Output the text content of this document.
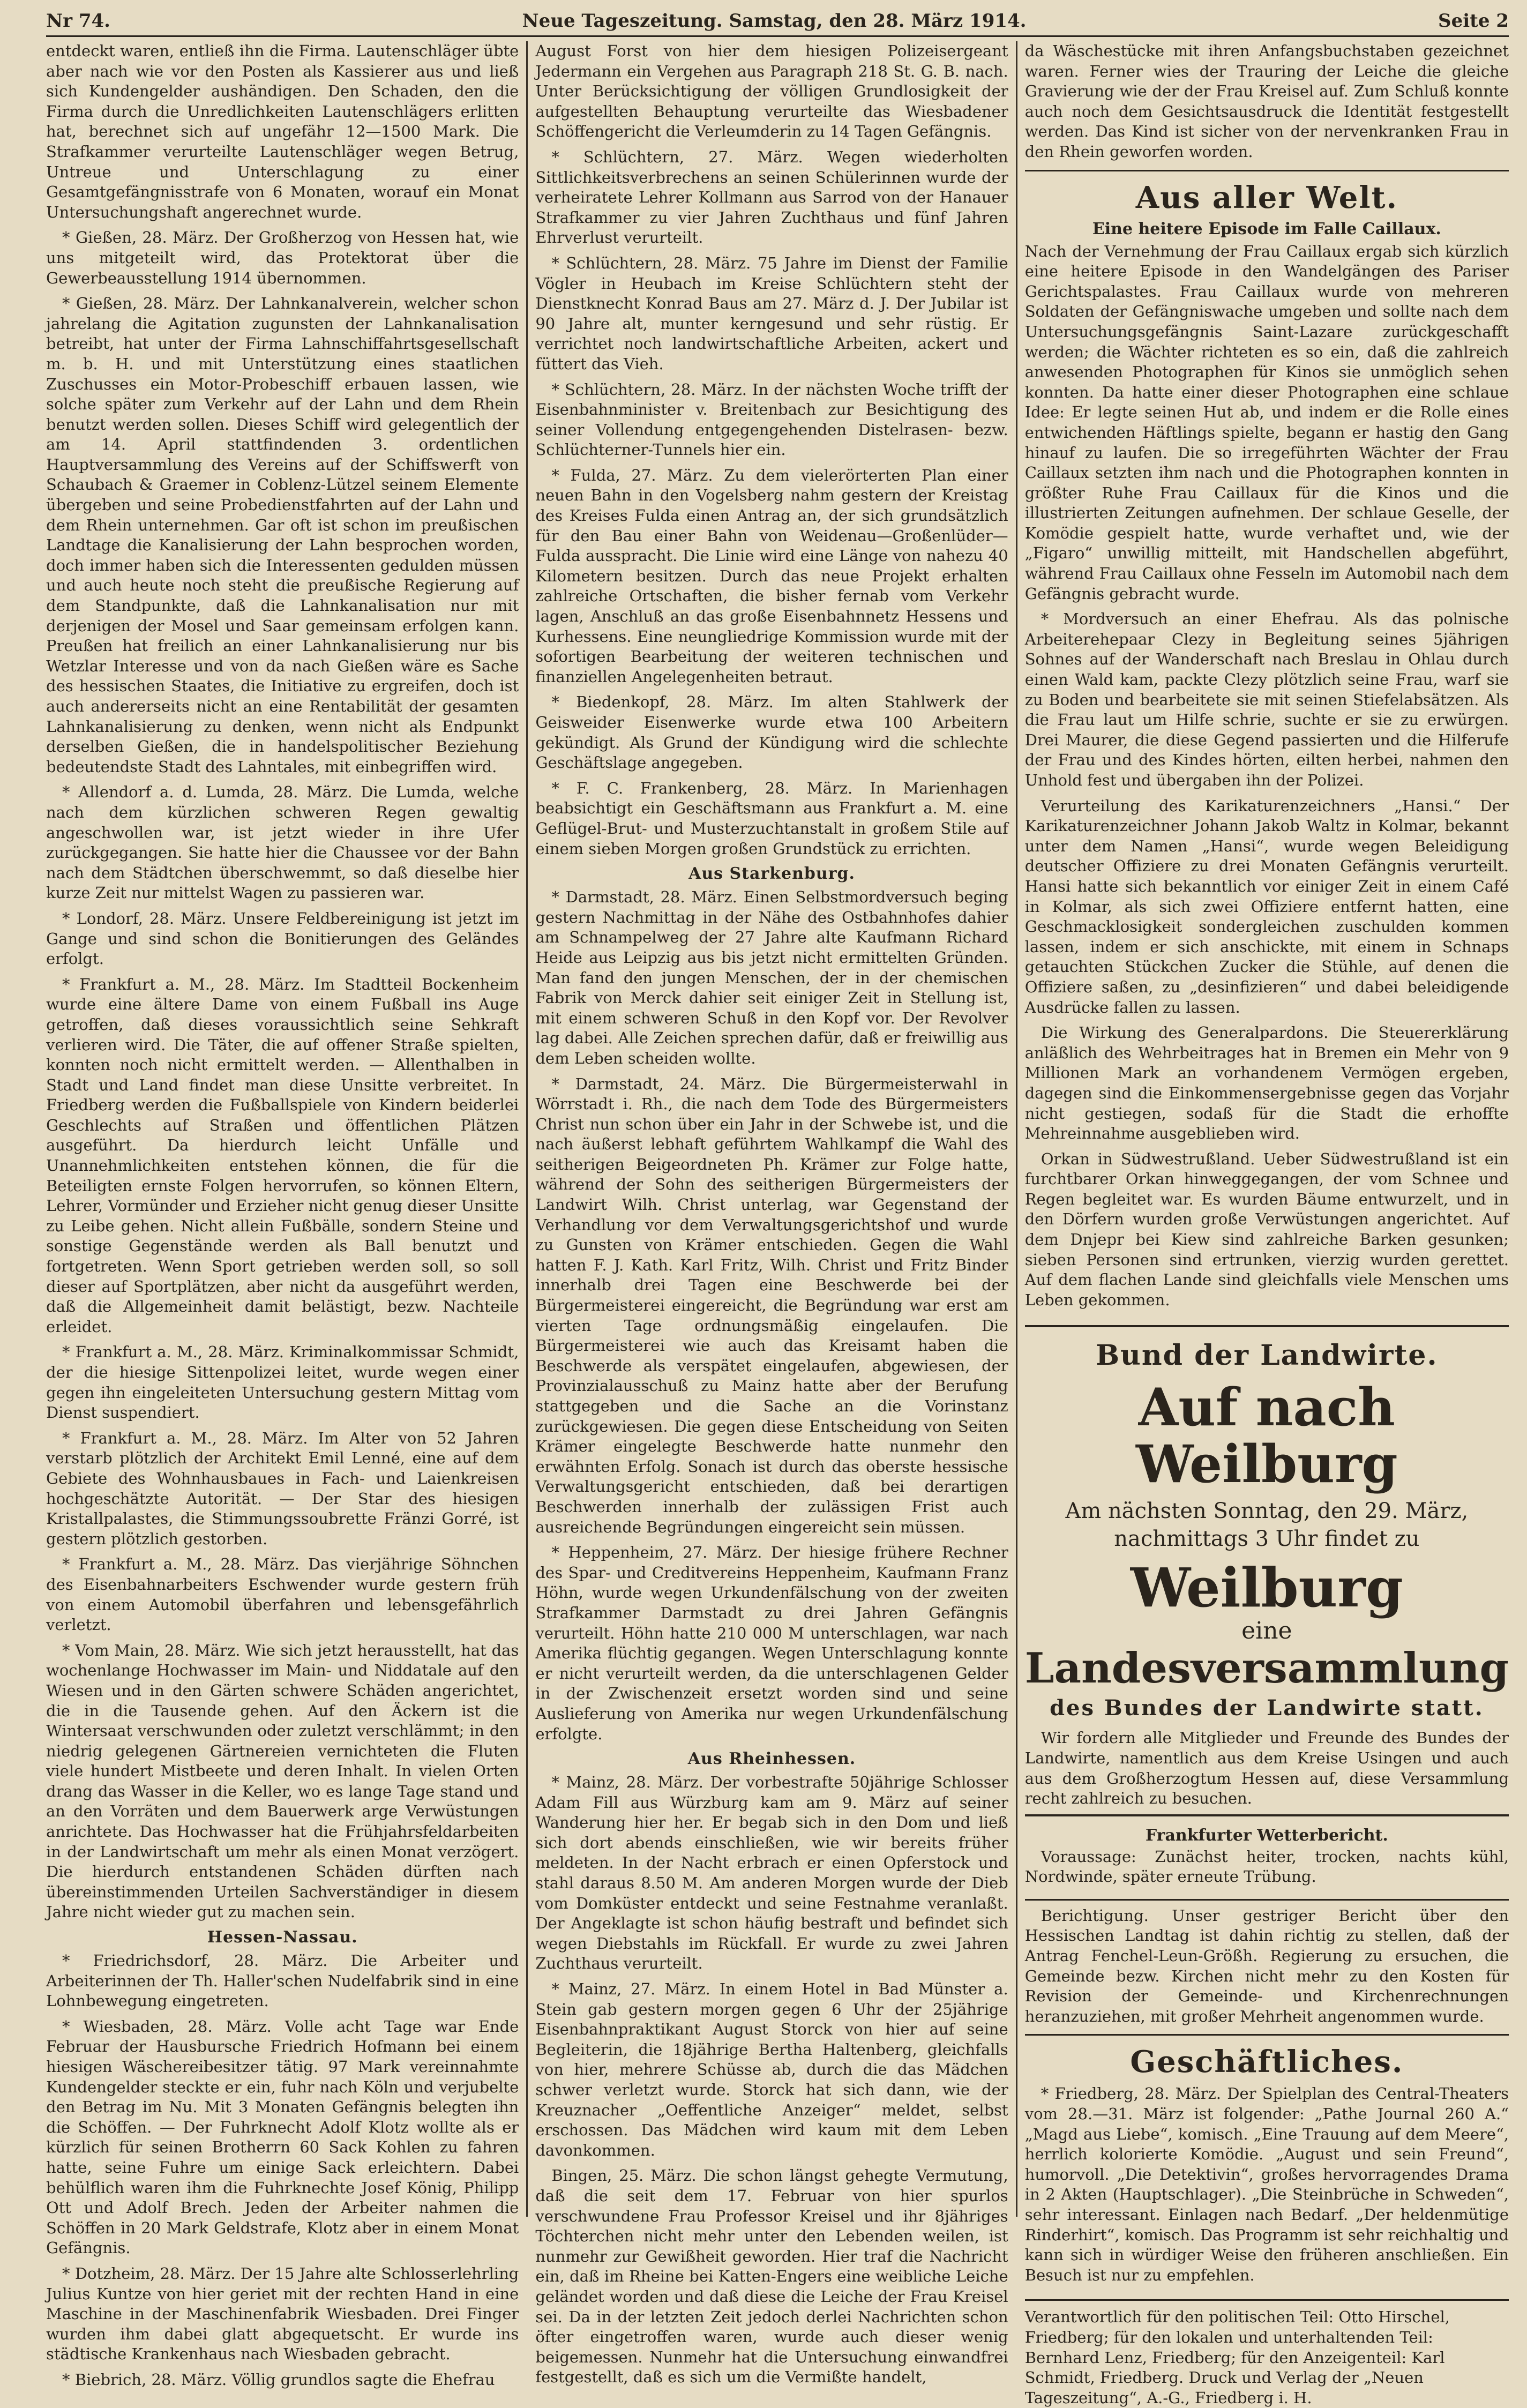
Nr 74.	Neue Tageszeitung. Samstag, den 28. März 1914.	Seite 2

entdeckt waren, entließ ihn die Firma. Lautenschläger übte aber nach wie vor den Posten als Kassierer aus und ließ sich Kundengelder aushändigen. Den Schaden, den die Firma durch die Unredlichkeiten Lautenschlägers erlitten hat, berechnet sich auf ungefähr 12—1500 Mark. Die Strafkammer verurteilte Lautenschläger wegen Betrug, Untreue und Unterschlagung zu einer Gesamtgefängnisstrafe von 6 Monaten, worauf ein Monat Untersuchungshaft angerechnet wurde.

* Gießen, 28. März. Der Großherzog von Hessen hat, wie uns mitgeteilt wird, das Protektorat über die Gewerbeausstellung 1914 übernommen.

* Gießen, 28. März. Der Lahnkanalverein, welcher schon jahrelang die Agitation zugunsten der Lahnkanalisation betreibt, hat unter der Firma Lahnschiffahrtsgesellschaft m. b. H. und mit Unterstützung eines staatlichen Zuschusses ein Motor-Probeschiff erbauen lassen, wie solche später zum Verkehr auf der Lahn und dem Rhein benutzt werden sollen. Dieses Schiff wird gelegentlich der am 14. April stattfindenden 3. ordentlichen Hauptversammlung des Vereins auf der Schiffswerft von Schaubach & Graemer in Coblenz-Lützel seinem Elemente übergeben und seine Probedienstfahrten auf der Lahn und dem Rhein unternehmen. Gar oft ist schon im preußischen Landtage die Kanalisierung der Lahn besprochen worden, doch immer haben sich die Interessenten gedulden müssen und auch heute noch steht die preußische Regierung auf dem Standpunkte, daß die Lahnkanalisation nur mit derjenigen der Mosel und Saar gemeinsam erfolgen kann. Preußen hat freilich an einer Lahnkanalisierung nur bis Wetzlar Interesse und von da nach Gießen wäre es Sache des hessischen Staates, die Initiative zu ergreifen, doch ist auch andererseits nicht an eine Rentabilität der gesamten Lahnkanalisierung zu denken, wenn nicht als Endpunkt derselben Gießen, die in handelspolitischer Beziehung bedeutendste Stadt des Lahntales, mit einbegriffen wird.

* Allendorf a. d. Lumda, 28. März. Die Lumda, welche nach dem kürzlichen schweren Regen gewaltig angeschwollen war, ist jetzt wieder in ihre Ufer zurückgegangen. Sie hatte hier die Chaussee vor der Bahn nach dem Städtchen überschwemmt, so daß dieselbe hier kurze Zeit nur mittelst Wagen zu passieren war.

* Londorf, 28. März. Unsere Feldbereinigung ist jetzt im Gange und sind schon die Bonitierungen des Geländes erfolgt.

* Frankfurt a. M., 28. März. Im Stadtteil Bockenheim wurde eine ältere Dame von einem Fußball ins Auge getroffen, daß dieses voraussichtlich seine Sehkraft verlieren wird. Die Täter, die auf offener Straße spielten, konnten noch nicht ermittelt werden. — Allenthalben in Stadt und Land findet man diese Unsitte verbreitet. In Friedberg werden die Fußballspiele von Kindern beiderlei Geschlechts auf Straßen und öffentlichen Plätzen ausgeführt. Da hierdurch leicht Unfälle und Unannehmlichkeiten entstehen können, die für die Beteiligten ernste Folgen hervorrufen, so können Eltern, Lehrer, Vormünder und Erzieher nicht genug dieser Unsitte zu Leibe gehen. Nicht allein Fußbälle, sondern Steine und sonstige Gegenstände werden als Ball benutzt und fortgetreten. Wenn Sport getrieben werden soll, so soll dieser auf Sportplätzen, aber nicht da ausgeführt werden, daß die Allgemeinheit damit belästigt, bezw. Nachteile erleidet.

* Frankfurt a. M., 28. März. Kriminalkommissar Schmidt, der die hiesige Sittenpolizei leitet, wurde wegen einer gegen ihn eingeleiteten Untersuchung gestern Mittag vom Dienst suspendiert.

* Frankfurt a. M., 28. März. Im Alter von 52 Jahren verstarb plötzlich der Architekt Emil Lenné, eine auf dem Gebiete des Wohnhausbaues in Fach- und Laienkreisen hochgeschätzte Autorität. — Der Star des hiesigen Kristallpalastes, die Stimmungssoubrette Fränzi Gorré, ist gestern plötzlich gestorben.

* Frankfurt a. M., 28. März. Das vierjährige Söhnchen des Eisenbahnarbeiters Eschwender wurde gestern früh von einem Automobil überfahren und lebensgefährlich verletzt.

* Vom Main, 28. März. Wie sich jetzt herausstellt, hat das wochenlange Hochwasser im Main- und Niddatale auf den Wiesen und in den Gärten schwere Schäden angerichtet, die in die Tausende gehen. Auf den Äckern ist die Wintersaat verschwunden oder zuletzt verschlämmt; in den niedrig gelegenen Gärtnereien vernichteten die Fluten viele hundert Mistbeete und deren Inhalt. In vielen Orten drang das Wasser in die Keller, wo es lange Tage stand und an den Vorräten und dem Bauerwerk arge Verwüstungen anrichtete. Das Hochwasser hat die Frühjahrsfeldarbeiten in der Landwirtschaft um mehr als einen Monat verzögert. Die hierdurch entstandenen Schäden dürften nach übereinstimmenden Urteilen Sachverständiger in diesem Jahre nicht wieder gut zu machen sein.

Hessen-Nassau.

* Friedrichsdorf, 28. März. Die Arbeiter und Arbeiterinnen der Th. Haller'schen Nudelfabrik sind in eine Lohnbewegung eingetreten.

* Wiesbaden, 28. März. Volle acht Tage war Ende Februar der Hausbursche Friedrich Hofmann bei einem hiesigen Wäschereibesitzer tätig. 97 Mark vereinnahmte Kundengelder steckte er ein, fuhr nach Köln und verjubelte den Betrag im Nu. Mit 3 Monaten Gefängnis belegten ihn die Schöffen. — Der Fuhrknecht Adolf Klotz wollte als er kürzlich für seinen Brotherrn 60 Sack Kohlen zu fahren hatte, seine Fuhre um einige Sack erleichtern. Dabei behülflich waren ihm die Fuhrknechte Josef König, Philipp Ott und Adolf Brech. Jeden der Arbeiter nahmen die Schöffen in 20 Mark Geldstrafe, Klotz aber in einem Monat Gefängnis.

* Dotzheim, 28. März. Der 15 Jahre alte Schlosserlehrling Julius Kuntze von hier geriet mit der rechten Hand in eine Maschine in der Maschinenfabrik Wiesbaden. Drei Finger wurden ihm dabei glatt abgequetscht. Er wurde ins städtische Krankenhaus nach Wiesbaden gebracht.

* Biebrich, 28. März. Völlig grundlos sagte die Ehefrau

August Forst von hier dem hiesigen Polizeisergeant Jedermann ein Vergehen aus Paragraph 218 St. G. B. nach. Unter Berücksichtigung der völligen Grundlosigkeit der aufgestellten Behauptung verurteilte das Wiesbadener Schöffengericht die Verleumderin zu 14 Tagen Gefängnis.

* Schlüchtern, 27. März. Wegen wiederholten Sittlichkeitsverbrechens an seinen Schülerinnen wurde der verheiratete Lehrer Kollmann aus Sarrod von der Hanauer Strafkammer zu vier Jahren Zuchthaus und fünf Jahren Ehrverlust verurteilt.

* Schlüchtern, 28. März. 75 Jahre im Dienst der Familie Vögler in Heubach im Kreise Schlüchtern steht der Dienstknecht Konrad Baus am 27. März d. J. Der Jubilar ist 90 Jahre alt, munter kerngesund und sehr rüstig. Er verrichtet noch landwirtschaftliche Arbeiten, ackert und füttert das Vieh.

* Schlüchtern, 28. März. In der nächsten Woche trifft der Eisenbahnminister v. Breitenbach zur Besichtigung des seiner Vollendung entgegengehenden Distelrasen- bezw. Schlüchterner-Tunnels hier ein.

* Fulda, 27. März. Zu dem vielerörterten Plan einer neuen Bahn in den Vogelsberg nahm gestern der Kreistag des Kreises Fulda einen Antrag an, der sich grundsätzlich für den Bau einer Bahn von Weidenau—Großenlüder—Fulda ausspracht. Die Linie wird eine Länge von nahezu 40 Kilometern besitzen. Durch das neue Projekt erhalten zahlreiche Ortschaften, die bisher fernab vom Verkehr lagen, Anschluß an das große Eisenbahnnetz Hessens und Kurhessens. Eine neungliedrige Kommission wurde mit der sofortigen Bearbeitung der weiteren technischen und finanziellen Angelegenheiten betraut.

* Biedenkopf, 28. März. Im alten Stahlwerk der Geisweider Eisenwerke wurde etwa 100 Arbeitern gekündigt. Als Grund der Kündigung wird die schlechte Geschäftslage angegeben.

* F. C. Frankenberg, 28. März. In Marienhagen beabsichtigt ein Geschäftsmann aus Frankfurt a. M. eine Geflügel-Brut- und Musterzuchtanstalt in großem Stile auf einem sieben Morgen großen Grundstück zu errichten.

Aus Starkenburg.

* Darmstadt, 28. März. Einen Selbstmordversuch beging gestern Nachmittag in der Nähe des Ostbahnhofes dahier am Schnampelweg der 27 Jahre alte Kaufmann Richard Heide aus Leipzig aus bis jetzt nicht ermittelten Gründen. Man fand den jungen Menschen, der in der chemischen Fabrik von Merck dahier seit einiger Zeit in Stellung ist, mit einem schweren Schuß in den Kopf vor. Der Revolver lag dabei. Alle Zeichen sprechen dafür, daß er freiwillig aus dem Leben scheiden wollte.

* Darmstadt, 24. März. Die Bürgermeisterwahl in Wörrstadt i. Rh., die nach dem Tode des Bürgermeisters Christ nun schon über ein Jahr in der Schwebe ist, und die nach äußerst lebhaft geführtem Wahlkampf die Wahl des seitherigen Beigeordneten Ph. Krämer zur Folge hatte, während der Sohn des seitherigen Bürgermeisters der Landwirt Wilh. Christ unterlag, war Gegenstand der Verhandlung vor dem Verwaltungsgerichtshof und wurde zu Gunsten von Krämer entschieden. Gegen die Wahl hatten F. J. Kath. Karl Fritz, Wilh. Christ und Fritz Binder innerhalb drei Tagen eine Beschwerde bei der Bürgermeisterei eingereicht, die Begründung war erst am vierten Tage ordnungsmäßig eingelaufen. Die Bürgermeisterei wie auch das Kreisamt haben die Beschwerde als verspätet eingelaufen, abgewiesen, der Provinzialausschuß zu Mainz hatte aber der Berufung stattgegeben und die Sache an die Vorinstanz zurückgewiesen. Die gegen diese Entscheidung von Seiten Krämer eingelegte Beschwerde hatte nunmehr den erwähnten Erfolg. Sonach ist durch das oberste hessische Verwaltungsgericht entschieden, daß bei derartigen Beschwerden innerhalb der zulässigen Frist auch ausreichende Begründungen eingereicht sein müssen.

* Heppenheim, 27. März. Der hiesige frühere Rechner des Spar- und Creditvereins Heppenheim, Kaufmann Franz Höhn, wurde wegen Urkundenfälschung von der zweiten Strafkammer Darmstadt zu drei Jahren Gefängnis verurteilt. Höhn hatte 210 000 M unterschlagen, war nach Amerika flüchtig gegangen. Wegen Unterschlagung konnte er nicht verurteilt werden, da die unterschlagenen Gelder in der Zwischenzeit ersetzt worden sind und seine Auslieferung von Amerika nur wegen Urkundenfälschung erfolgte.

Aus Rheinhessen.

* Mainz, 28. März. Der vorbestrafte 50jährige Schlosser Adam Fill aus Würzburg kam am 9. März auf seiner Wanderung hier her. Er begab sich in den Dom und ließ sich dort abends einschließen, wie wir bereits früher meldeten. In der Nacht erbrach er einen Opferstock und stahl daraus 8.50 M. Am anderen Morgen wurde der Dieb vom Domküster entdeckt und seine Festnahme veranlaßt. Der Angeklagte ist schon häufig bestraft und befindet sich wegen Diebstahls im Rückfall. Er wurde zu zwei Jahren Zuchthaus verurteilt.

* Mainz, 27. März. In einem Hotel in Bad Münster a. Stein gab gestern morgen gegen 6 Uhr der 25jährige Eisenbahnpraktikant August Storck von hier auf seine Begleiterin, die 18jährige Bertha Haltenberg, gleichfalls von hier, mehrere Schüsse ab, durch die das Mädchen schwer verletzt wurde. Storck hat sich dann, wie der Kreuznacher „Oeffentliche Anzeiger“ meldet, selbst erschossen. Das Mädchen wird kaum mit dem Leben davonkommen.

Bingen, 25. März. Die schon längst gehegte Vermutung, daß die seit dem 17. Februar von hier spurlos verschwundene Frau Professor Kreisel und ihr 8jähriges Töchterchen nicht mehr unter den Lebenden weilen, ist nunmehr zur Gewißheit geworden. Hier traf die Nachricht ein, daß im Rheine bei Katten-Engers eine weibliche Leiche geländet worden und daß diese die Leiche der Frau Kreisel sei. Da in der letzten Zeit jedoch derlei Nachrichten schon öfter eingetroffen waren, wurde auch dieser wenig beigemessen. Nunmehr hat die Untersuchung einwandfrei festgestellt, daß es sich um die Vermißte handelt,

da Wäschestücke mit ihren Anfangsbuchstaben gezeichnet waren. Ferner wies der Trauring der Leiche die gleiche Gravierung wie der der Frau Kreisel auf. Zum Schluß konnte auch noch dem Gesichtsausdruck die Identität festgestellt werden. Das Kind ist sicher von der nervenkranken Frau in den Rhein geworfen worden.

Aus aller Welt.
Eine heitere Episode im Falle Caillaux.

Nach der Vernehmung der Frau Caillaux ergab sich kürzlich eine heitere Episode in den Wandelgängen des Pariser Gerichtspalastes. Frau Caillaux wurde von mehreren Soldaten der Gefängniswache umgeben und sollte nach dem Untersuchungsgefängnis Saint-Lazare zurückgeschafft werden; die Wächter richteten es so ein, daß die zahlreich anwesenden Photographen für Kinos sie unmöglich sehen konnten. Da hatte einer dieser Photographen eine schlaue Idee: Er legte seinen Hut ab, und indem er die Rolle eines entwichenden Häftlings spielte, begann er hastig den Gang hinauf zu laufen. Die so irregeführten Wächter der Frau Caillaux setzten ihm nach und die Photographen konnten in größter Ruhe Frau Caillaux für die Kinos und die illustrierten Zeitungen aufnehmen. Der schlaue Geselle, der Komödie gespielt hatte, wurde verhaftet und, wie der „Figaro“ unwillig mitteilt, mit Handschellen abgeführt, während Frau Caillaux ohne Fesseln im Automobil nach dem Gefängnis gebracht wurde.

* Mordversuch an einer Ehefrau. Als das polnische Arbeiterehepaar Clezy in Begleitung seines 5jährigen Sohnes auf der Wanderschaft nach Breslau in Ohlau durch einen Wald kam, packte Clezy plötzlich seine Frau, warf sie zu Boden und bearbeitete sie mit seinen Stiefelabsätzen. Als die Frau laut um Hilfe schrie, suchte er sie zu erwürgen. Drei Maurer, die diese Gegend passierten und die Hilferufe der Frau und des Kindes hörten, eilten herbei, nahmen den Unhold fest und übergaben ihn der Polizei.

Verurteilung des Karikaturenzeichners „Hansi.“ Der Karikaturenzeichner Johann Jakob Waltz in Kolmar, bekannt unter dem Namen „Hansi“, wurde wegen Beleidigung deutscher Offiziere zu drei Monaten Gefängnis verurteilt. Hansi hatte sich bekanntlich vor einiger Zeit in einem Café in Kolmar, als sich zwei Offiziere entfernt hatten, eine Geschmacklosigkeit sondergleichen zuschulden kommen lassen, indem er sich anschickte, mit einem in Schnaps getauchten Stückchen Zucker die Stühle, auf denen die Offiziere saßen, zu „desinfizieren“ und dabei beleidigende Ausdrücke fallen zu lassen.

Die Wirkung des Generalpardons. Die Steuererklärung anläßlich des Wehrbeitrages hat in Bremen ein Mehr von 9 Millionen Mark an vorhandenem Vermögen ergeben, dagegen sind die Einkommensergebnisse gegen das Vorjahr nicht gestiegen, sodaß für die Stadt die erhoffte Mehreinnahme ausgeblieben wird.

Orkan in Südwestrußland. Ueber Südwestrußland ist ein furchtbarer Orkan hinweggegangen, der vom Schnee und Regen begleitet war. Es wurden Bäume entwurzelt, und in den Dörfern wurden große Verwüstungen angerichtet. Auf dem Dnjepr bei Kiew sind zahlreiche Barken gesunken; sieben Personen sind ertrunken, vierzig wurden gerettet. Auf dem flachen Lande sind gleichfalls viele Menschen ums Leben gekommen.

Bund der Landwirte.
Auf nach Weilburg
Am nächsten Sonntag, den 29. März, nachmittags 3 Uhr findet zu
Weilburg
eine
Landesversammlung
des Bundes der Landwirte statt.
Wir fordern alle Mitglieder und Freunde des Bundes der Landwirte, namentlich aus dem Kreise Usingen und auch aus dem Großherzogtum Hessen auf, diese Versammlung recht zahlreich zu besuchen.
Frankfurter Wetterbericht.

Voraussage: Zunächst heiter, trocken, nachts kühl, Nordwinde, später erneute Trübung.

Berichtigung. Unser gestriger Bericht über den Hessischen Landtag ist dahin richtig zu stellen, daß der Antrag Fenchel-Leun-Größh. Regierung zu ersuchen, die Gemeinde bezw. Kirchen nicht mehr zu den Kosten für Revision der Gemeinde- und Kirchenrechnungen heranzuziehen, mit großer Mehrheit angenommen wurde.

Geschäftliches.

* Friedberg, 28. März. Der Spielplan des Central-Theaters vom 28.—31. März ist folgender: „Pathe Journal 260 A.“ „Magd aus Liebe“, komisch. „Eine Trauung auf dem Meere“, herrlich kolorierte Komödie. „August und sein Freund“, humorvoll. „Die Detektivin“, großes hervorragendes Drama in 2 Akten (Hauptschlager). „Die Steinbrüche in Schweden“, sehr interessant. Einlagen nach Bedarf. „Der heldenmütige Rinderhirt“, komisch. Das Programm ist sehr reichhaltig und kann sich in würdiger Weise den früheren anschließen. Ein Besuch ist nur zu empfehlen.

Verantwortlich für den politischen Teil: Otto Hirschel, Friedberg; für den lokalen und unterhaltenden Teil: Bernhard Lenz, Friedberg; für den Anzeigenteil: Karl Schmidt, Friedberg. Druck und Verlag der „Neuen Tageszeitung“, A.-G., Friedberg i. H.
